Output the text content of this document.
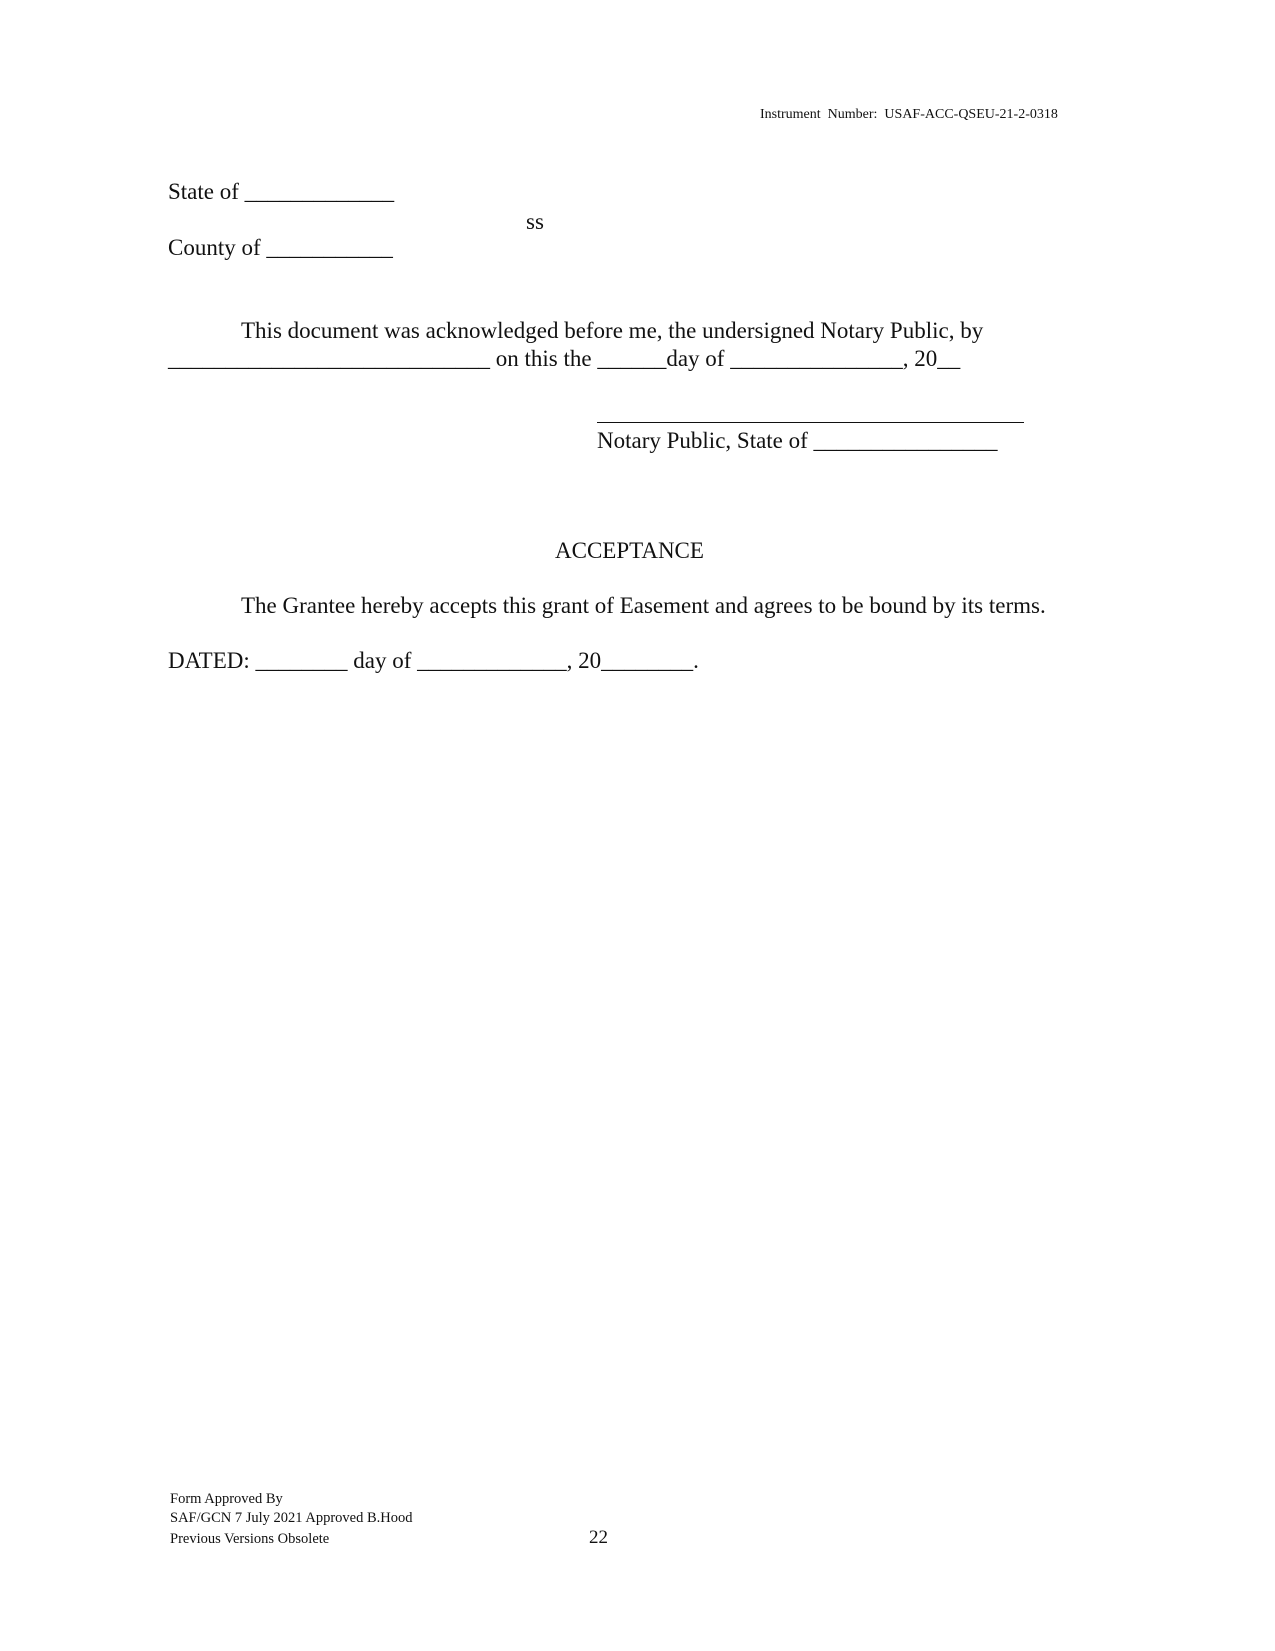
Instrument  Number:  USAF-ACC-QSEU-21-2-0318
State of _____________
ss
County of ___________
This document was acknowledged before me, the undersigned Notary Public, by
____________________________ on this the ______day of _______________, 20__
Notary Public, State of ________________
ACCEPTANCE
The Grantee hereby accepts this grant of Easement and agrees to be bound by its terms.
DATED: ________ day of _____________, 20________.
Form Approved By
SAF/GCN 7 July 2021 Approved B.Hood
Previous Versions Obsolete	22
